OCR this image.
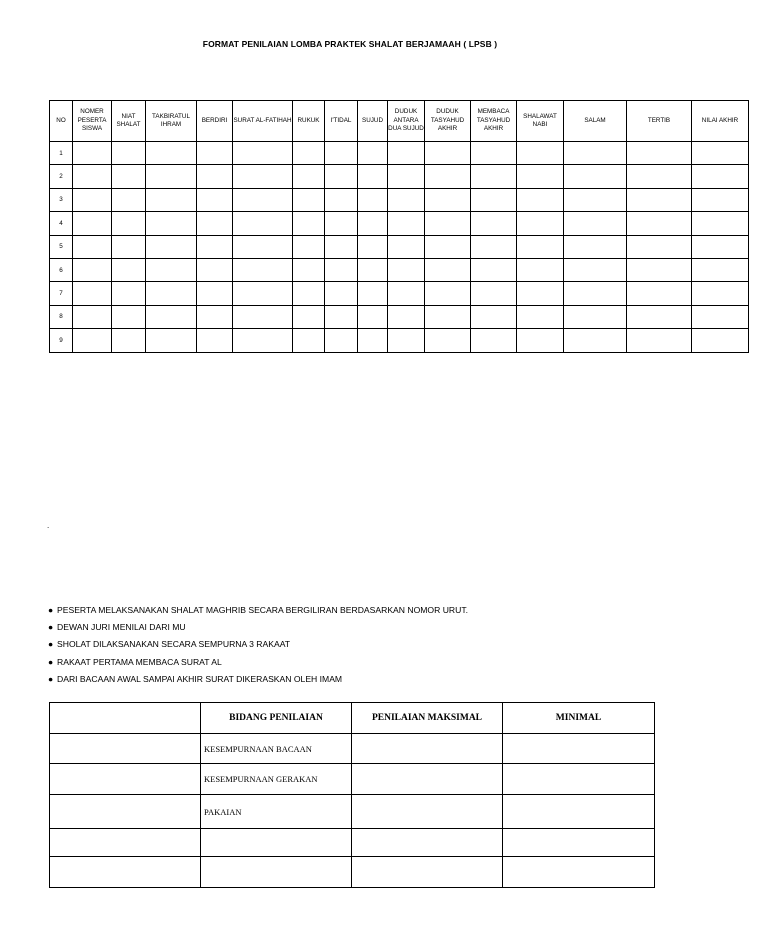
FORMAT PENILAIAN LOMBA PRAKTEK SHALAT BERJAMAAH ( LPSB )
NO	NOMER PESERTA SISWA	NIAT SHALAT	TAKBIRATUL IHRAM	BERDIRI	SURAT AL-FATIHAH	RUKUK	I'TIDAL	SUJUD	DUDUK ANTARA DUA SUJUD	DUDUK TASYAHUD AKHIR	MEMBACA TASYAHUD AKHIR	SHALAWAT NABI	SALAM	TERTIB	NILAI AKHIR
1															
2															
3															
4															
5															
6															
7															
8															
9															
.
● PESERTA MELAKSANAKAN SHALAT MAGHRIB SECARA BERGILIRAN BERDASARKAN NOMOR URUT.
● DEWAN JURI MENILAI DARI MU
● SHOLAT DILAKSANAKAN SECARA SEMPURNA 3 RAKAAT
● RAKAAT PERTAMA MEMBACA SURAT AL
● DARI BACAAN AWAL SAMPAI AKHIR SURAT DIKERASKAN OLEH IMAM
	BIDANG PENILAIAN	PENILAIAN MAKSIMAL	MINIMAL
	KESEMPURNAAN BACAAN		
	KESEMPURNAAN GERAKAN		
	PAKAIAN		
